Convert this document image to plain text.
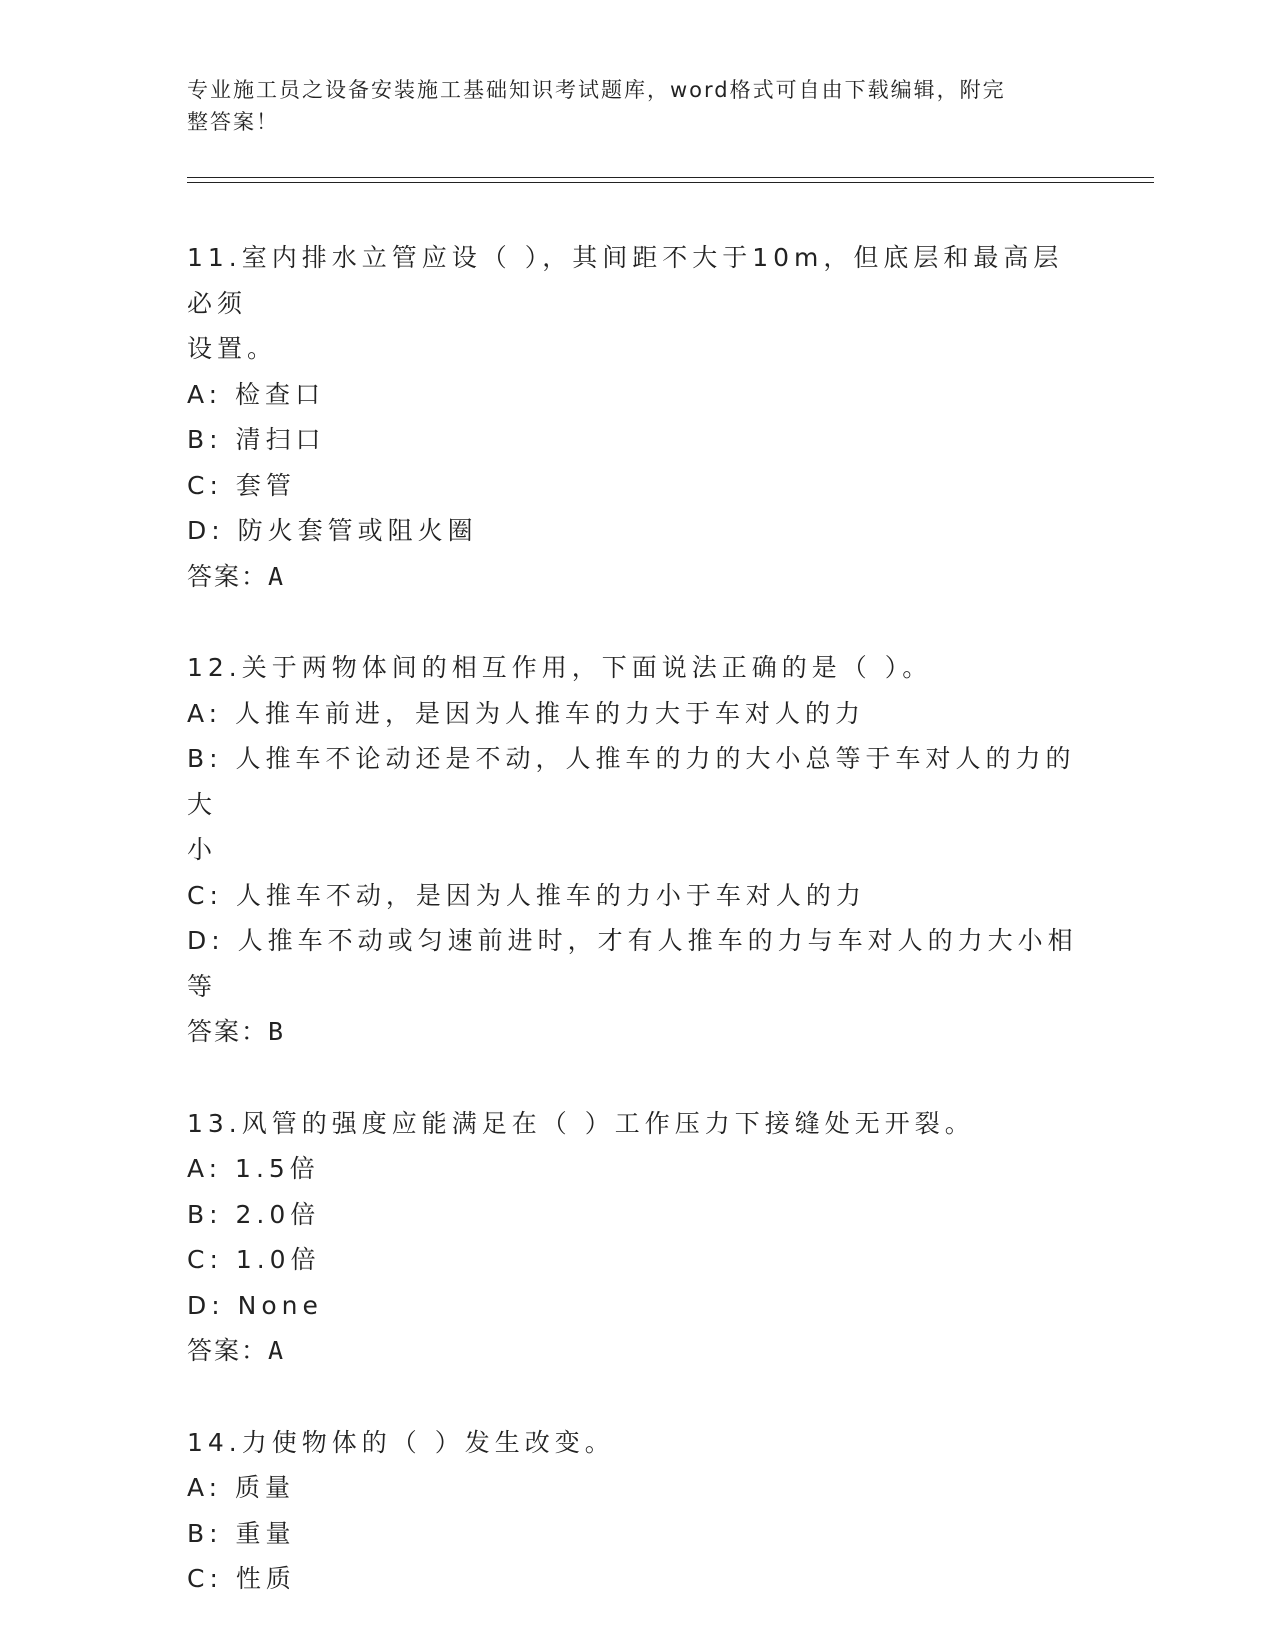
专业施工员之设备安装施工基础知识考试题库，word格式可自由下载编辑，附完
整答案！
11.室内排水立管应设（ ），其间距不大于10m，但底层和最高层必须
设置。
A: 检查口
B: 清扫口
C: 套管
D: 防火套管或阻火圈
答案：A
12.关于两物体间的相互作用，下面说法正确的是（ ）。
A: 人推车前进，是因为人推车的力大于车对人的力
B: 人推车不论动还是不动，人推车的力的大小总等于车对人的力的大
小
C: 人推车不动，是因为人推车的力小于车对人的力
D: 人推车不动或匀速前进时，才有人推车的力与车对人的力大小相等
答案：B
13.风管的强度应能满足在（ ）工作压力下接缝处无开裂。
A: 1.5倍
B: 2.0倍
C: 1.0倍
D: None
答案：A
14.力使物体的（ ）发生改变。
A: 质量
B: 重量
C: 性质
